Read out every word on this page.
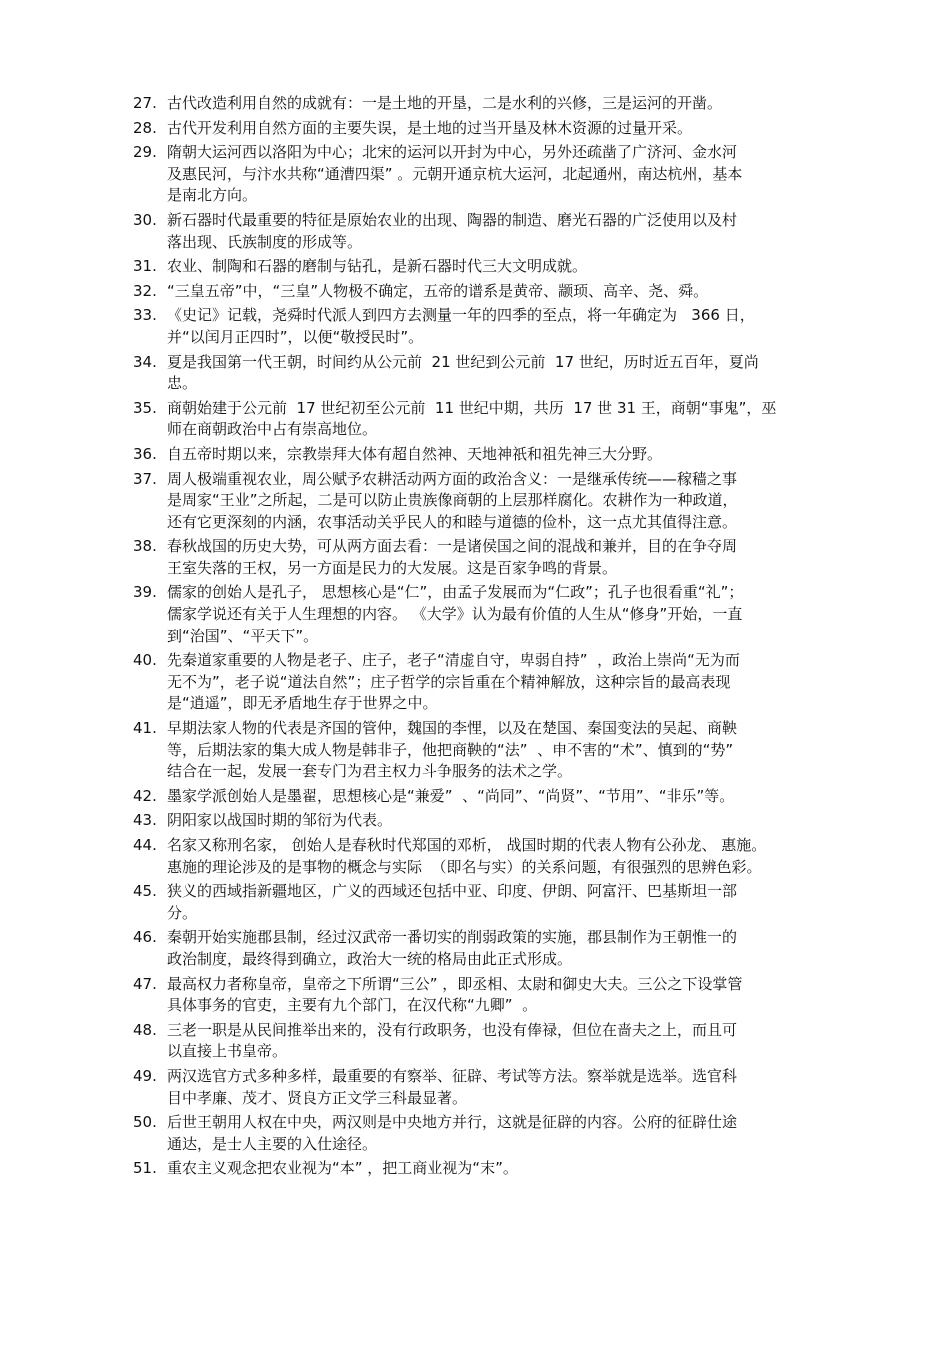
27. 古代改造利用自然的成就有：一是土地的开垦，二是水利的兴修，三是运河的开凿。
28. 古代开发利用自然方面的主要失误，是土地的过当开垦及林木资源的过量开采。
29. 隋朝大运河西以洛阳为中心；北宋的运河以开封为中心，另外还疏凿了广济河、金水河
及惠民河，与汴水共称“通漕四渠” 。元朝开通京杭大运河，北起通州，南达杭州，基本
是南北方向。
30. 新石器时代最重要的特征是原始农业的出现、陶器的制造、磨光石器的广泛使用以及村
落出现、氏族制度的形成等。
31. 农业、制陶和石器的磨制与钻孔，是新石器时代三大文明成就。
32. “三皇五帝”中，“三皇”人物极不确定，五帝的谱系是黄帝、颛顼、高辛、尧、舜。
33. 《史记》记载，尧舜时代派人到四方去测量一年的四季的至点，将一年确定为   366 日，
并“以闰月正四时”，以便“敬授民时”。
34. 夏是我国第一代王朝，时间约从公元前  21 世纪到公元前  17 世纪，历时近五百年，夏尚
忠。
35. 商朝始建于公元前  17 世纪初至公元前  11 世纪中期，共历  17 世 31 王，商朝“事鬼”，巫
师在商朝政治中占有崇高地位。
36. 自五帝时期以来，宗教崇拜大体有超自然神、天地神祇和祖先神三大分野。
37. 周人极端重视农业，周公赋予农耕活动两方面的政治含义：一是继承传统——稼穑之事
是周家“王业”之所起，二是可以防止贵族像商朝的上层那样腐化。农耕作为一种政道，
还有它更深刻的内涵，农事活动关乎民人的和睦与道德的俭朴，这一点尤其值得注意。
38. 春秋战国的历史大势，可从两方面去看：一是诸侯国之间的混战和兼并，目的在争夺周
王室失落的王权，另一方面是民力的大发展。这是百家争鸣的背景。
39. 儒家的创始人是孔子， 思想核心是“仁”，由孟子发展而为“仁政”；孔子也很看重“礼”；
儒家学说还有关于人生理想的内容。 《大学》认为最有价值的人生从“修身”开始，一直
到“治国”、“平天下”。
40. 先秦道家重要的人物是老子、庄子，老子“清虚自守，卑弱自持”  ，政治上崇尚“无为而
无不为”，老子说“道法自然”；庄子哲学的宗旨重在个精神解放，这种宗旨的最高表现
是“逍遥”，即无矛盾地生存于世界之中。
41. 早期法家人物的代表是齐国的管仲，魏国的李悝，以及在楚国、秦国变法的吴起、商鞅
等，后期法家的集大成人物是韩非子，他把商鞅的“法”  、申不害的“术”、慎到的“势”
结合在一起，发展一套专门为君主权力斗争服务的法术之学。
42. 墨家学派创始人是墨翟，思想核心是“兼爱”  、“尚同”、“尚贤”、“节用”、“非乐”等。
43. 阴阳家以战国时期的邹衍为代表。
44. 名家又称刑名家， 创始人是春秋时代郑国的邓析， 战国时期的代表人物有公孙龙、 惠施。
惠施的理论涉及的是事物的概念与实际  （即名与实）的关系问题，有很强烈的思辨色彩。
45. 狭义的西域指新疆地区，广义的西域还包括中亚、印度、伊朗、阿富汗、巴基斯坦一部
分。
46. 秦朝开始实施郡县制，经过汉武帝一番切实的削弱政策的实施，郡县制作为王朝惟一的
政治制度，最终得到确立，政治大一统的格局由此正式形成。
47. 最高权力者称皇帝，皇帝之下所谓“三公” ，即丞相、太尉和御史大夫。三公之下设掌管
具体事务的官吏，主要有九个部门，在汉代称“九卿”  。
48. 三老一职是从民间推举出来的，没有行政职务，也没有俸禄，但位在啬夫之上，而且可
以直接上书皇帝。
49. 两汉选官方式多种多样，最重要的有察举、征辟、考试等方法。察举就是选举。选官科
目中孝廉、茂才、贤良方正文学三科最显著。
50. 后世王朝用人权在中央，两汉则是中央地方并行，这就是征辟的内容。公府的征辟仕途
通达，是士人主要的入仕途径。
51. 重农主义观念把农业视为“本” ，把工商业视为“末”。
